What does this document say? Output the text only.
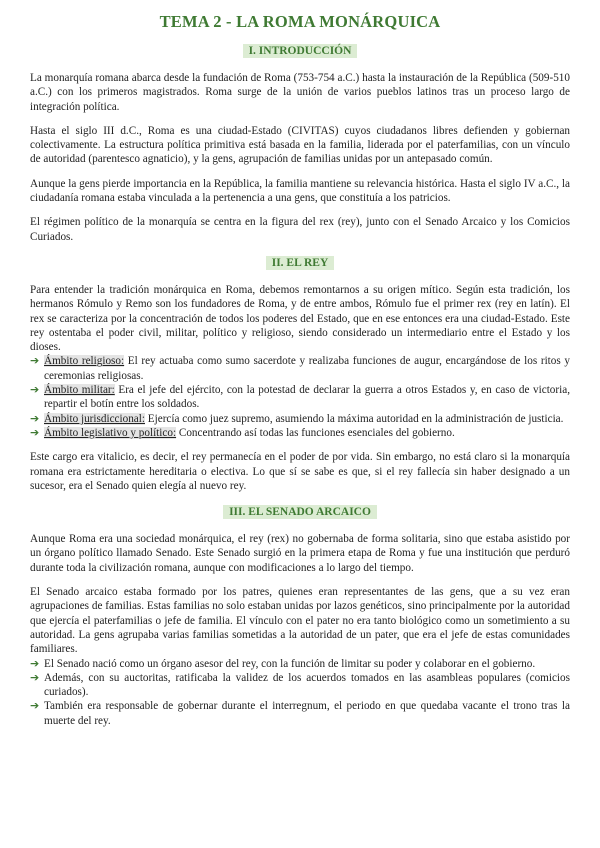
TEMA 2 - LA ROMA MONÁRQUICA
I. INTRODUCCIÓN

La monarquía romana abarca desde la fundación de Roma (753-754 a.C.) hasta la instauración de la República (509-510 a.C.) con los primeros magistrados. Roma surge de la unión de varios pueblos latinos tras un proceso largo de integración política.

Hasta el siglo III d.C., Roma es una ciudad-Estado (CIVITAS) cuyos ciudadanos libres defienden y gobiernan colectivamente. La estructura política primitiva está basada en la familia, liderada por el paterfamilias, con un vínculo de autoridad (parentesco agnaticio), y la gens, agrupación de familias unidas por un antepasado común.

Aunque la gens pierde importancia en la República, la familia mantiene su relevancia histórica. Hasta el siglo IV a.C., la ciudadanía romana estaba vinculada a la pertenencia a una gens, que constituía a los patricios.

El régimen político de la monarquía se centra en la figura del rex (rey), junto con el Senado Arcaico y los Comicios Curiados.

II. EL REY

Para entender la tradición monárquica en Roma, debemos remontarnos a su origen mítico. Según esta tradición, los hermanos Rómulo y Remo son los fundadores de Roma, y de entre ambos, Rómulo fue el primer rex (rey en latín). El rex se caracteriza por la concentración de todos los poderes del Estado, que en ese entonces era una ciudad-Estado. Este rey ostentaba el poder civil, militar, político y religioso, siendo considerado un intermediario entre el Estado y los dioses.

➔ Ámbito religioso: El rey actuaba como sumo sacerdote y realizaba funciones de augur, encargándose de los ritos y ceremonias religiosas.
➔ Ámbito militar: Era el jefe del ejército, con la potestad de declarar la guerra a otros Estados y, en caso de victoria, repartir el botín entre los soldados.
➔ Ámbito jurisdiccional: Ejercía como juez supremo, asumiendo la máxima autoridad en la administración de justicia.
➔ Ámbito legislativo y político: Concentrando así todas las funciones esenciales del gobierno.

Este cargo era vitalicio, es decir, el rey permanecía en el poder de por vida. Sin embargo, no está claro si la monarquía romana era estrictamente hereditaria o electiva. Lo que sí se sabe es que, si el rey fallecía sin haber designado a un sucesor, era el Senado quien elegía al nuevo rey.

III. EL SENADO ARCAICO

Aunque Roma era una sociedad monárquica, el rey (rex) no gobernaba de forma solitaria, sino que estaba asistido por un órgano político llamado Senado. Este Senado surgió en la primera etapa de Roma y fue una institución que perduró durante toda la civilización romana, aunque con modificaciones a lo largo del tiempo.

El Senado arcaico estaba formado por los patres, quienes eran representantes de las gens, que a su vez eran agrupaciones de familias. Estas familias no solo estaban unidas por lazos genéticos, sino principalmente por la autoridad que ejercía el paterfamilias o jefe de familia. El vínculo con el pater no era tanto biológico como un sometimiento a su autoridad. La gens agrupaba varias familias sometidas a la autoridad de un pater, que era el jefe de estas comunidades familiares.

➔ El Senado nació como un órgano asesor del rey, con la función de limitar su poder y colaborar en el gobierno.
➔ Además, con su auctoritas, ratificaba la validez de los acuerdos tomados en las asambleas populares (comicios curiados).
➔ También era responsable de gobernar durante el interregnum, el periodo en que quedaba vacante el trono tras la muerte del rey.
